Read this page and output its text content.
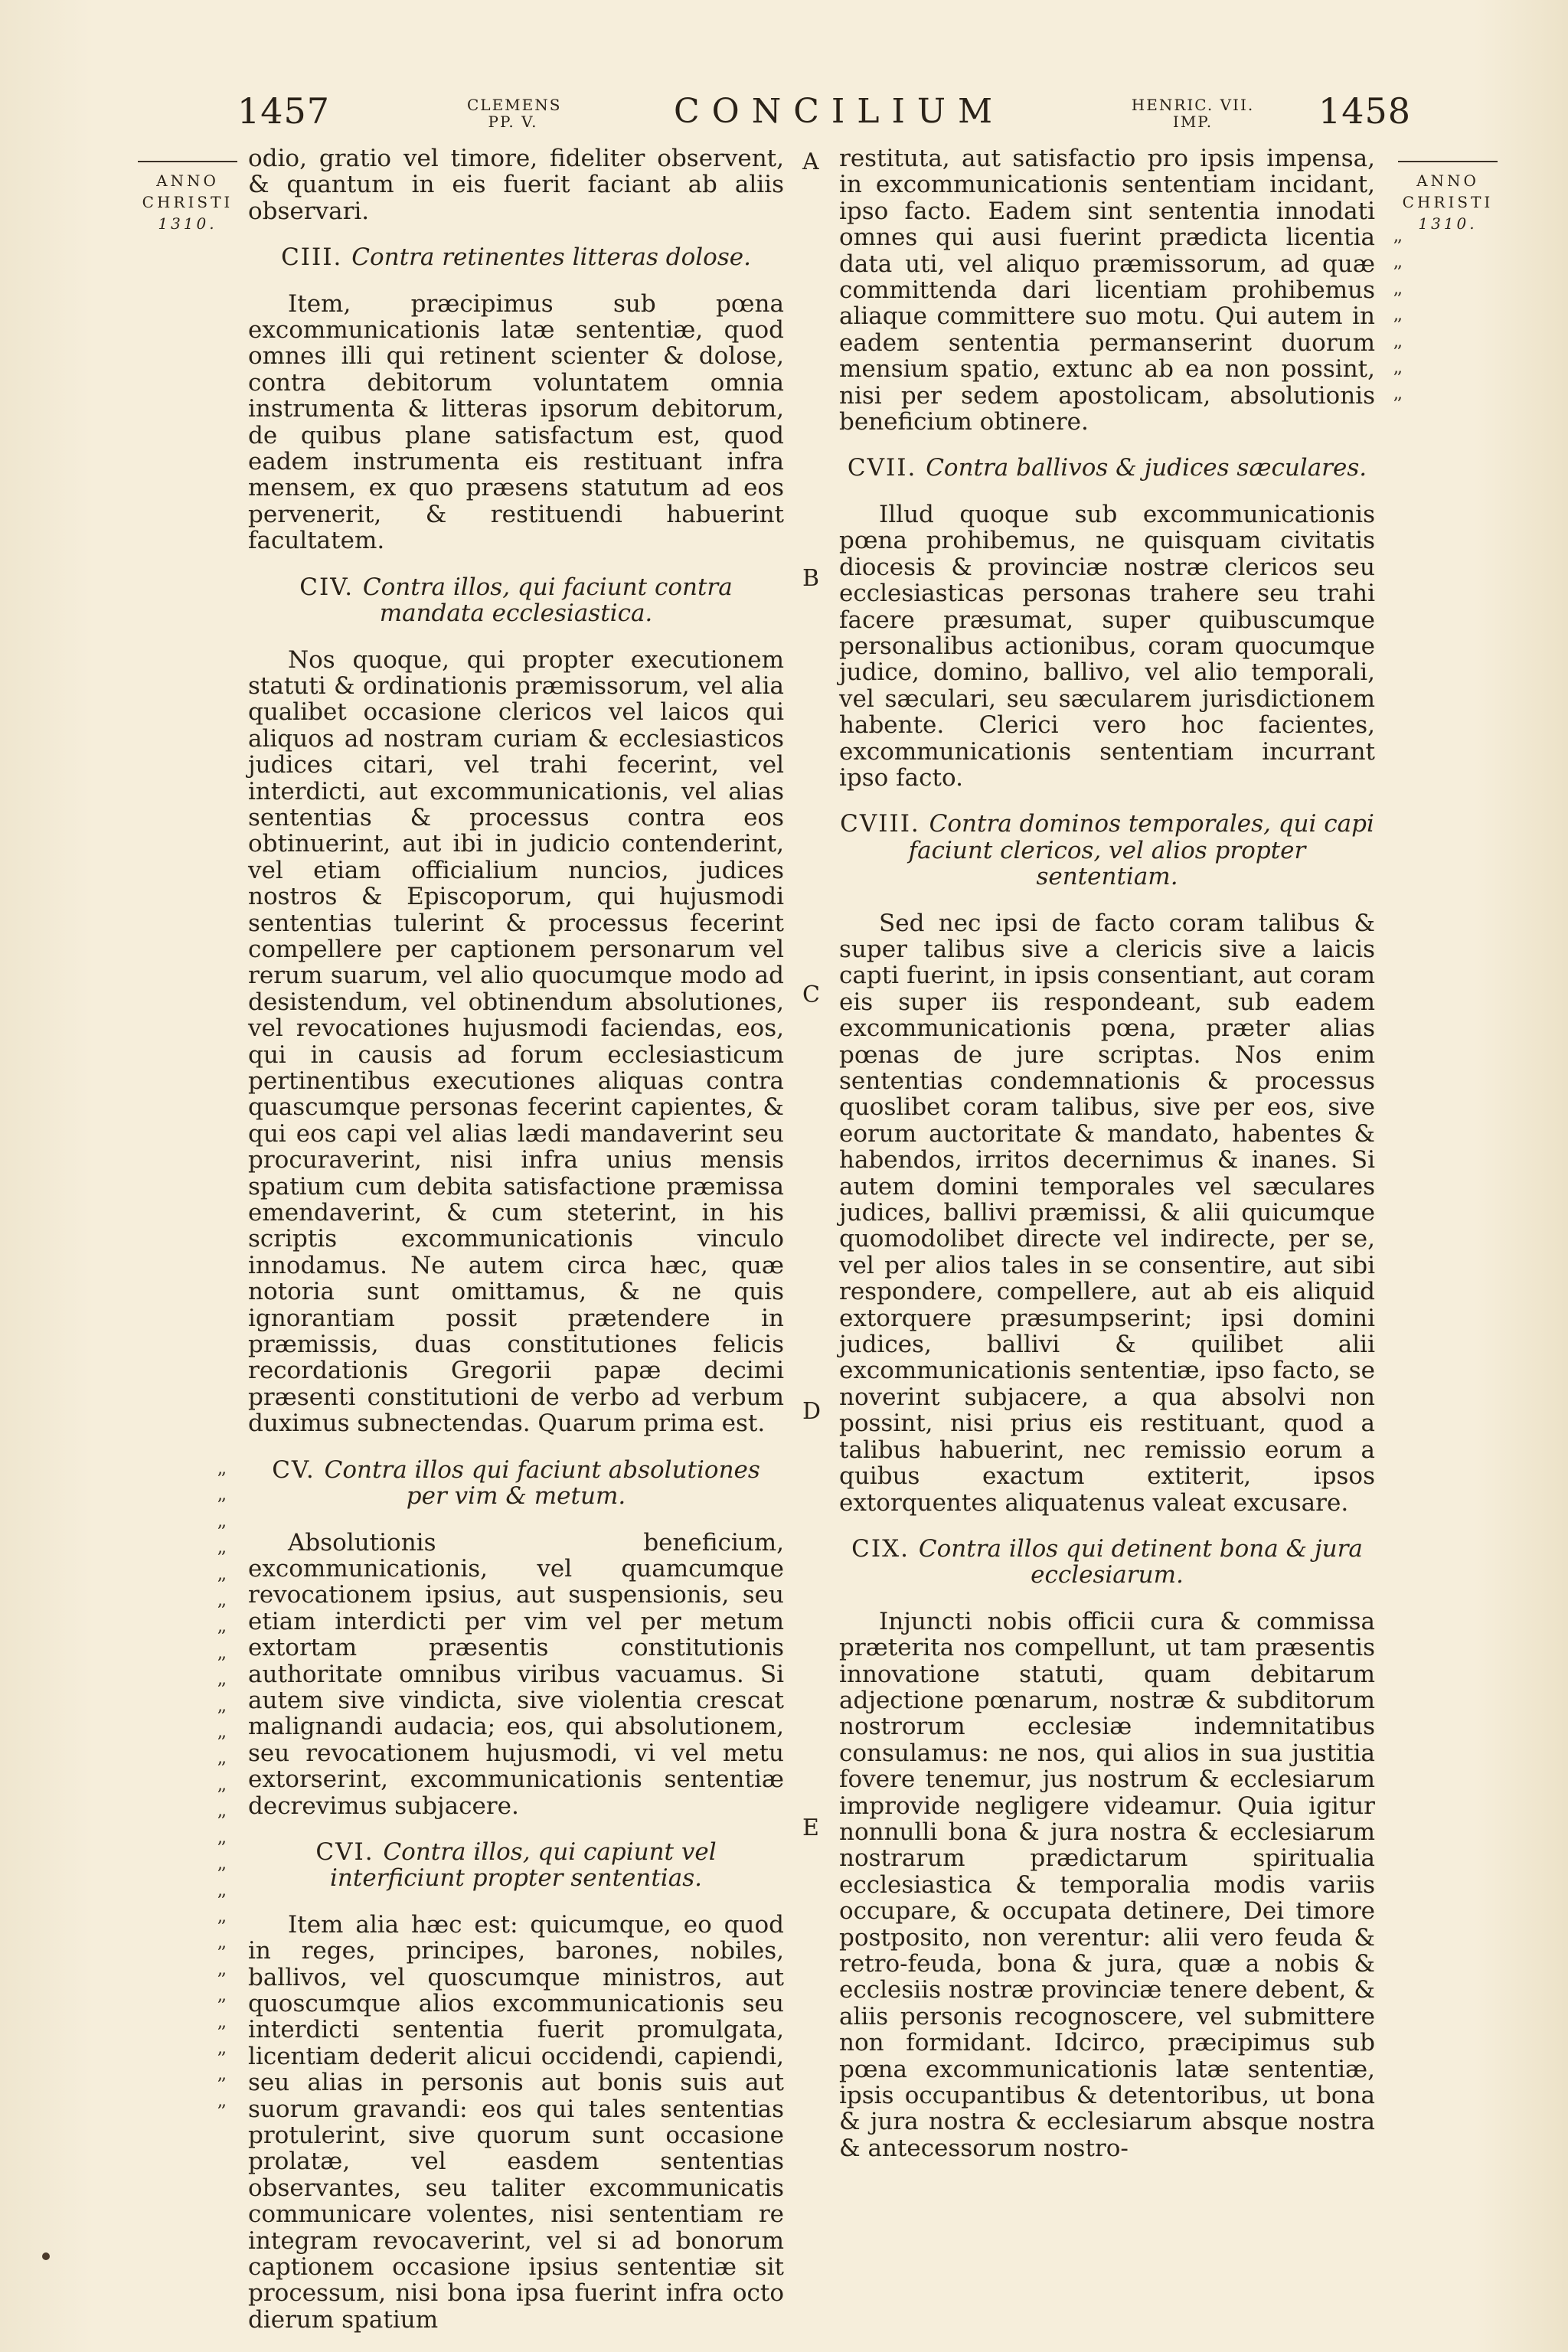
1457	CLEMENS
PP. V.	CONCILIUM	HENRIC. VII.
IMP.	1458
ANNO
CHRISTI
1310.
ANNO
CHRISTI
1310.
A
B
C
D
E
,,
,,
,,
,,
,,
,,
,,
,,
,,
,,
,,
,,
,,
,,
,,
,,
,,
,,
,,
,,
,,
,,
,,
,,
,,
,,
,,
,,
,,
,,
,,
,,

odio, gratio vel timore, fideliter observent, & quantum in eis fuerit faciant ab aliis observari.

CIII. Contra retinentes litteras dolose.

Item, præcipimus sub pœna excommunicationis latæ sententiæ, quod omnes illi qui retinent scienter & dolose, contra debitorum voluntatem omnia instrumenta & litteras ipsorum debitorum, de quibus plane satisfactum est, quod eadem instrumenta eis restituant infra mensem, ex quo præsens statutum ad eos pervenerit, & restituendi habuerint facultatem.

CIV. Contra illos, qui faciunt contra mandata ecclesiastica.

Nos quoque, qui propter executionem statuti & ordinationis præmissorum, vel alia qualibet occasione clericos vel laicos qui aliquos ad nostram curiam & ecclesiasticos judices citari, vel trahi fecerint, vel interdicti, aut excommunicationis, vel alias sententias & processus contra eos obtinuerint, aut ibi in judicio contenderint, vel etiam officialium nuncios, judices nostros & Episcoporum, qui hujusmodi sententias tulerint & processus fecerint compellere per captionem personarum vel rerum suarum, vel alio quocumque modo ad desistendum, vel obtinendum absolutiones, vel revocationes hujusmodi faciendas, eos, qui in causis ad forum ecclesiasticum pertinentibus executiones aliquas contra quascumque personas fecerint capientes, & qui eos capi vel alias lædi mandaverint seu procuraverint, nisi infra unius mensis spatium cum debita satisfactione præmissa emendaverint, & cum steterint, in his scriptis excommunicationis vinculo innodamus. Ne autem circa hæc, quæ notoria sunt omittamus, & ne quis ignorantiam possit prætendere in præmissis, duas constitutiones felicis recordationis Gregorii papæ decimi præsenti constitutioni de verbo ad verbum duximus subnectendas. Quarum prima est.

CV. Contra illos qui faciunt absolutiones per vim & metum.

Absolutionis beneficium, excommunicationis, vel quamcumque revocationem ipsius, aut suspensionis, seu etiam interdicti per vim vel per metum extortam præsentis constitutionis authoritate omnibus viribus vacuamus. Si autem sive vindicta, sive violentia crescat malignandi audacia; eos, qui absolutionem, seu revocationem hujusmodi, vi vel metu extorserint, excommunicationis sententiæ decrevimus subjacere.

CVI. Contra illos, qui capiunt vel interficiunt propter sententias.

Item alia hæc est: quicumque, eo quod in reges, principes, barones, nobiles, ballivos, vel quoscumque ministros, aut quoscumque alios excommunicationis seu interdicti sententia fuerit promulgata, licentiam dederit alicui occidendi, capiendi, seu alias in personis aut bonis suis aut suorum gravandi: eos qui tales sententias protulerint, sive quorum sunt occasione prolatæ, vel easdem sententias observantes, seu taliter excommunicatis communicare volentes, nisi sententiam re integram revocaverint, vel si ad bonorum captionem occasione ipsius sententiæ sit processum, nisi bona ipsa fuerint infra octo dierum spatium

restituta, aut satisfactio pro ipsis impensa, in excommunicationis sententiam incidant, ipso facto. Eadem sint sententia innodati omnes qui ausi fuerint prædicta licentia data uti, vel aliquo præmissorum, ad quæ committenda dari licentiam prohibemus aliaque committere suo motu. Qui autem in eadem sententia permanserint duorum mensium spatio, extunc ab ea non possint, nisi per sedem apostolicam, absolutionis beneficium obtinere.

CVII. Contra ballivos & judices sæculares.

Illud quoque sub excommunicationis pœna prohibemus, ne quisquam civitatis diocesis & provinciæ nostræ clericos seu ecclesiasticas personas trahere seu trahi facere præsumat, super quibuscumque personalibus actionibus, coram quocumque judice, domino, ballivo, vel alio temporali, vel sæculari, seu sæcularem jurisdictionem habente. Clerici vero hoc facientes, excommunicationis sententiam incurrant ipso facto.

CVIII. Contra dominos temporales, qui capi faciunt clericos, vel alios propter sententiam.

Sed nec ipsi de facto coram talibus & super talibus sive a clericis sive a laicis capti fuerint, in ipsis consentiant, aut coram eis super iis respondeant, sub eadem excommunicationis pœna, præter alias pœnas de jure scriptas. Nos enim sententias condemnationis & processus quoslibet coram talibus, sive per eos, sive eorum auctoritate & mandato, habentes & habendos, irritos decernimus & inanes. Si autem domini temporales vel sæculares judices, ballivi præmissi, & alii quicumque quomodolibet directe vel indirecte, per se, vel per alios tales in se consentire, aut sibi respondere, compellere, aut ab eis aliquid extorquere præsumpserint; ipsi domini judices, ballivi & quilibet alii excommunicationis sententiæ, ipso facto, se noverint subjacere, a qua absolvi non possint, nisi prius eis restituant, quod a talibus habuerint, nec remissio eorum a quibus exactum extiterit, ipsos extorquentes aliquatenus valeat excusare.

CIX. Contra illos qui detinent bona & jura ecclesiarum.

Injuncti nobis officii cura & commissa præterita nos compellunt, ut tam præsentis innovatione statuti, quam debitarum adjectione pœnarum, nostræ & subditorum nostrorum ecclesiæ indemnitatibus consulamus: ne nos, qui alios in sua justitia fovere tenemur, jus nostrum & ecclesiarum improvide negligere videamur. Quia igitur nonnulli bona & jura nostra & ecclesiarum nostrarum prædictarum spiritualia ecclesiastica & temporalia modis variis occupare, & occupata detinere, Dei timore postposito, non verentur: alii vero feuda & retro-feuda, bona & jura, quæ a nobis & ecclesiis nostræ provinciæ tenere debent, & aliis personis recognoscere, vel submittere non formidant. Idcirco, præcipimus sub pœna excommunicationis latæ sententiæ, ipsis occupantibus & detentoribus, ut bona & jura nostra & ecclesiarum absque nostra & antecessorum nostro-
